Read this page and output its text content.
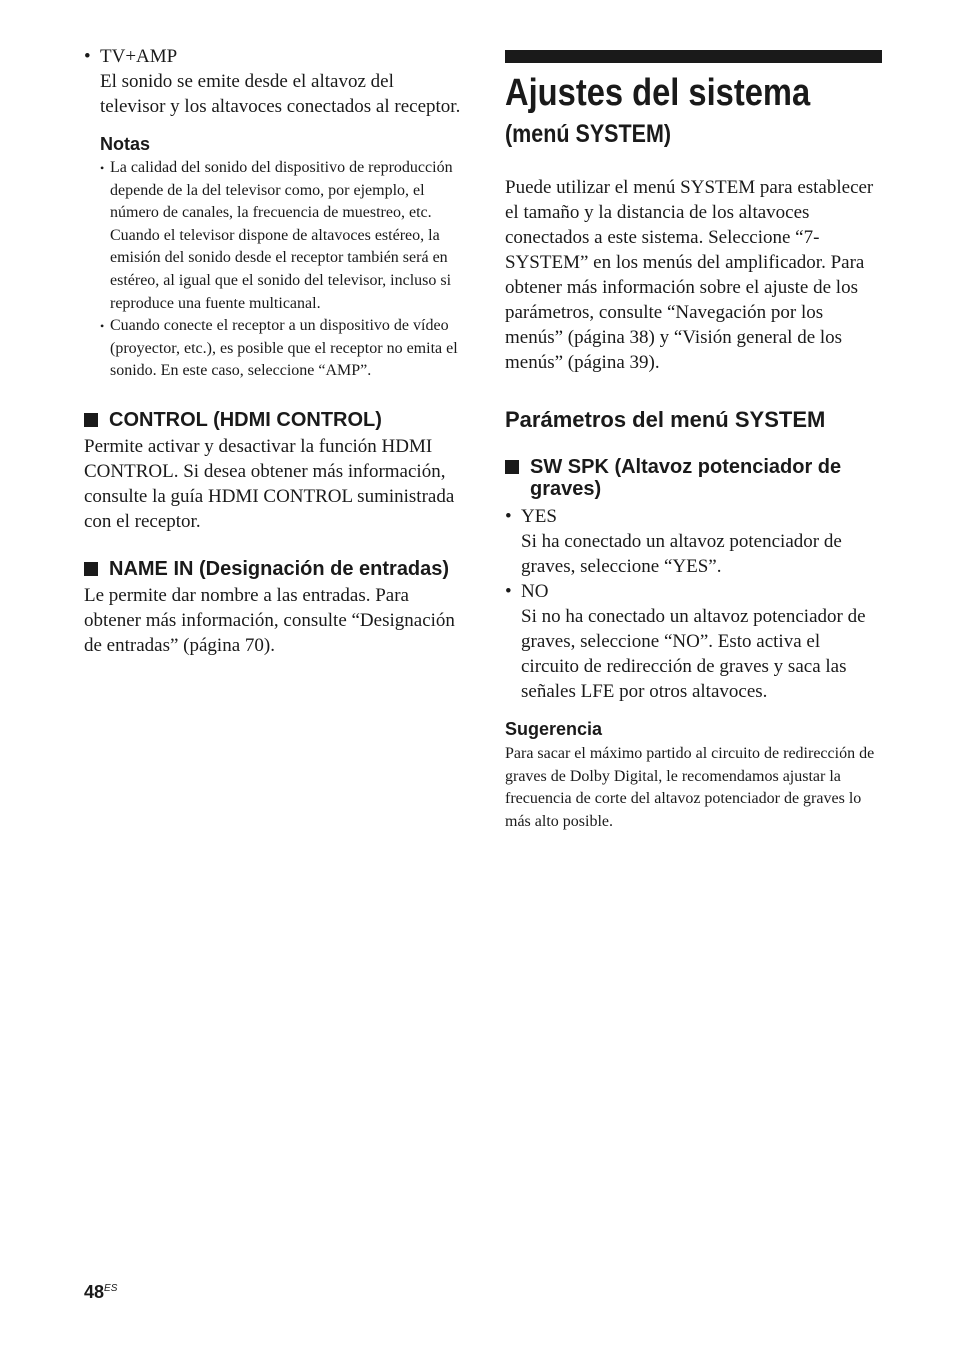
• TV+AMP
El sonido se emite desde el altavoz del televisor y los altavoces conectados al receptor.
Notas
• La calidad del sonido del dispositivo de reproducción depende de la del televisor como, por ejemplo, el número de canales, la frecuencia de muestreo, etc. Cuando el televisor dispone de altavoces estéreo, la emisión del sonido desde el receptor también será en estéreo, al igual que el sonido del televisor, incluso si reproduce una fuente multicanal.
• Cuando conecte el receptor a un dispositivo de vídeo (proyector, etc.), es posible que el receptor no emita el sonido. En este caso, seleccione “AMP”.
CONTROL (HDMI CONTROL)

Permite activar y desactivar la función HDMI CONTROL. Si desea obtener más información, consulte la guía HDMI CONTROL suministrada con el receptor.

NAME IN (Designación de entradas)

Le permite dar nombre a las entradas. Para obtener más información, consulte “Designación de entradas” (página 70).

Ajustes del sistema
(menú SYSTEM)

Puede utilizar el menú SYSTEM para establecer el tamaño y la distancia de los altavoces conectados a este sistema. Seleccione “7-SYSTEM” en los menús del amplificador. Para obtener más información sobre el ajuste de los parámetros, consulte “Navegación por los menús” (página 38) y “Visión general de los menús” (página 39).

Parámetros del menú SYSTEM
SW SPK (Altavoz potenciador de graves)
• YES
Si ha conectado un altavoz potenciador de graves, seleccione “YES”.
• NO
Si no ha conectado un altavoz potenciador de graves, seleccione “NO”. Esto activa el circuito de redirección de graves y saca las señales LFE por otros altavoces.
Sugerencia

Para sacar el máximo partido al circuito de redirección de graves de Dolby Digital, le recomendamos ajustar la frecuencia de corte del altavoz potenciador de graves lo más alto posible.

$48^{ES}$
